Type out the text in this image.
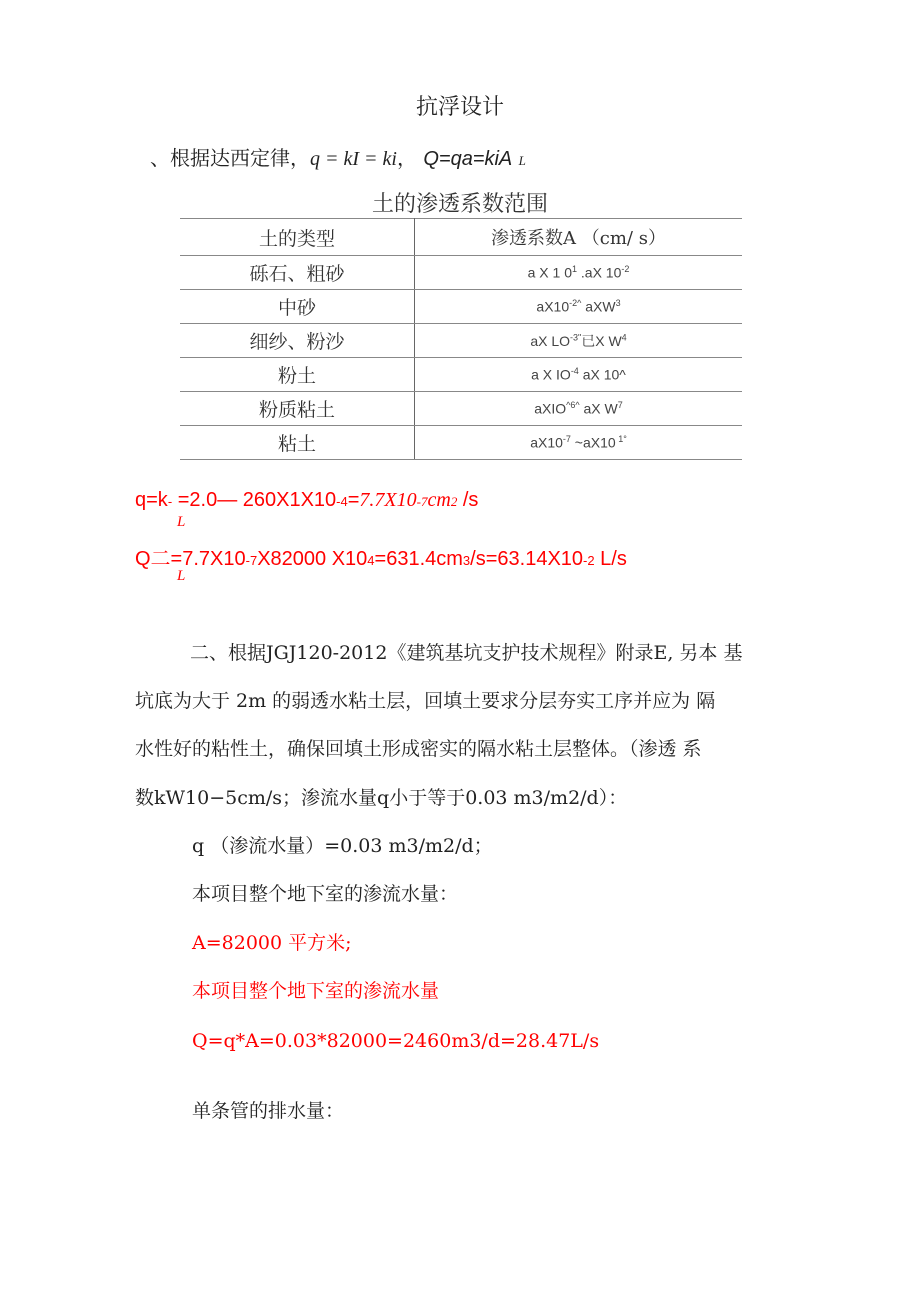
抗浮设计
、根据达西定律，q = kI = ki， Q=qa=kiA L
土的渗透系数范围
土的类型	渗透系数A （cm/ s）
砾石、粗砂	a X 1 $0^1$ .aX $10^{-2}$
中砂	$aX10^{-2\^{}}$ aXW$^3$
细纱、粉沙	aX $LO^{-3"}$已X $W^4$
粉土	a X $IO^{-4}$ aX 10^
粉质粘土	aXIO$^{\^{}6\^{}}$ aX $W^7$
粘土	$aX10^{-7}$ ~aX10 $^{1^\circ}$
q=k- =2.0— 260X1X10-4=7.7X10-7cm2 /s
L
Q二=7.7X10-7X82000 X104=631.4cm3/s=63.14X10-2 L/s
L
二、根据JGJ120-2012《建筑基坑支护技术规程》附录E, 另本 基
坑底为大于 2m 的弱透水粘土层，回填土要求分层夯实工序并应为 隔
水性好的粘性土，确保回填土形成密实的隔水粘土层整体。（渗透 系
数kW10−5cm/s；渗流水量q小于等于0.03 m3/m2/d）：
q （渗流水量）=0.03 m3/m2/d；
本项目整个地下室的渗流水量：
A=82000 平方米;
本项目整个地下室的渗流水量
Q=q*A=0.03*82000=2460m3/d=28.47L/s
单条管的排水量：
